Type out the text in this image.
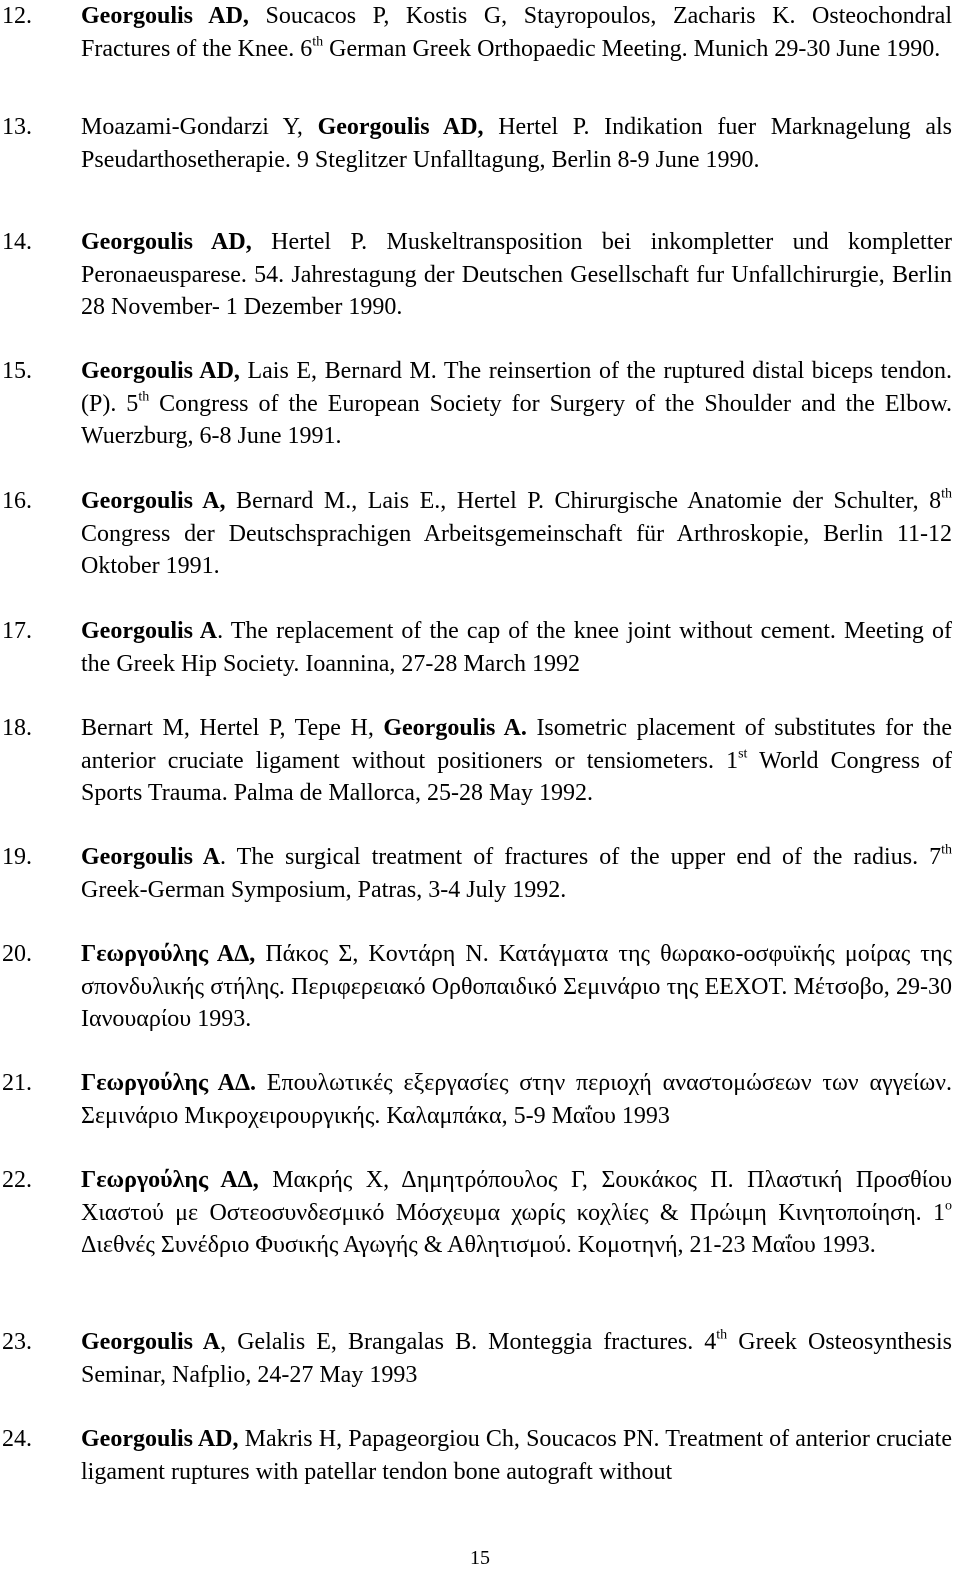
12. Georgoulis AD, Soucacos P, Kostis G, Stayropoulos, Zacharis K. Osteochondral Fractures of the Knee. 6th German Greek Orthopaedic Meeting. Munich 29-30 June 1990.
13. Moazami-Gondarzi Y, Georgoulis AD, Hertel P. Indikation fuer Marknagelung als Pseudarthosetherapie. 9 Steglitzer Unfalltagung, Berlin 8-9 June 1990.
14. Georgoulis AD, Hertel P. Muskeltransposition bei inkompletter und kompletter Peronaeusparese. 54. Jahrestagung der Deutschen Gesellschaft fur Unfallchirurgie, Berlin 28 November- 1 Dezember 1990.
15. Georgoulis AD, Lais E, Bernard M. The reinsertion of the ruptured distal biceps tendon. (P). 5th Congress of the European Society for Surgery of the Shoulder and the Elbow. Wuerzburg, 6-8 June 1991.
16. Georgoulis A, Bernard M., Lais E., Hertel P. Chirurgische Anatomie der Schulter, 8th Congress der Deutschsprachigen Arbeitsgemeinschaft für Arthroskopie, Berlin 11-12 Oktober 1991.
17. Georgoulis A. The replacement of the cap of the knee joint without cement. Meeting of the Greek Hip Society. Ioannina, 27-28 March 1992
18. Bernart M, Hertel P, Tepe H, Georgoulis A. Isometric placement of substitutes for the anterior cruciate ligament without positioners or tensiometers. 1st World Congress of Sports Trauma. Palma de Mallorca, 25-28 May 1992.
19. Georgoulis A. The surgical treatment of fractures of the upper end of the radius. 7th Greek-German Symposium, Patras, 3-4 July 1992.
20. Γεωργούλης ΑΔ, Πάκος Σ, Κοντάρη Ν. Κατάγματα της θωρακο-οσφυϊκής μοίρας της σπονδυλικής στήλης. Περιφερειακό Ορθοπαιδικό Σεμινάριο της ΕΕΧΟΤ. Μέτσοβο, 29-30 Ιανουαρίου 1993.
21. Γεωργούλης ΑΔ. Επουλωτικές εξεργασίες στην περιοχή αναστομώσεων των αγγείων. Σεμινάριο Μικροχειρουργικής. Καλαμπάκα, 5-9 Μαΐου 1993
22. Γεωργούλης ΑΔ, Μακρής Χ, Δημητρόπουλος Γ, Σουκάκος Π. Πλαστική Προσθίου Χιαστού με Οστεοσυνδεσμικό Μόσχευμα χωρίς κοχλίες & Πρώιμη Κινητοποίηση. $1^o$ Διεθνές Συνέδριο Φυσικής Αγωγής & Αθλητισμού. Κομοτηνή, 21-23 Μαΐου 1993.
23. Georgoulis A, Gelalis E, Brangalas B. Monteggia fractures. 4th Greek Osteosynthesis Seminar, Nafplio, 24-27 May 1993
24. Georgoulis AD, Makris H, Papageorgiou Ch, Soucacos PN. Treatment of anterior cruciate ligament ruptures with patellar tendon bone autograft without
15
